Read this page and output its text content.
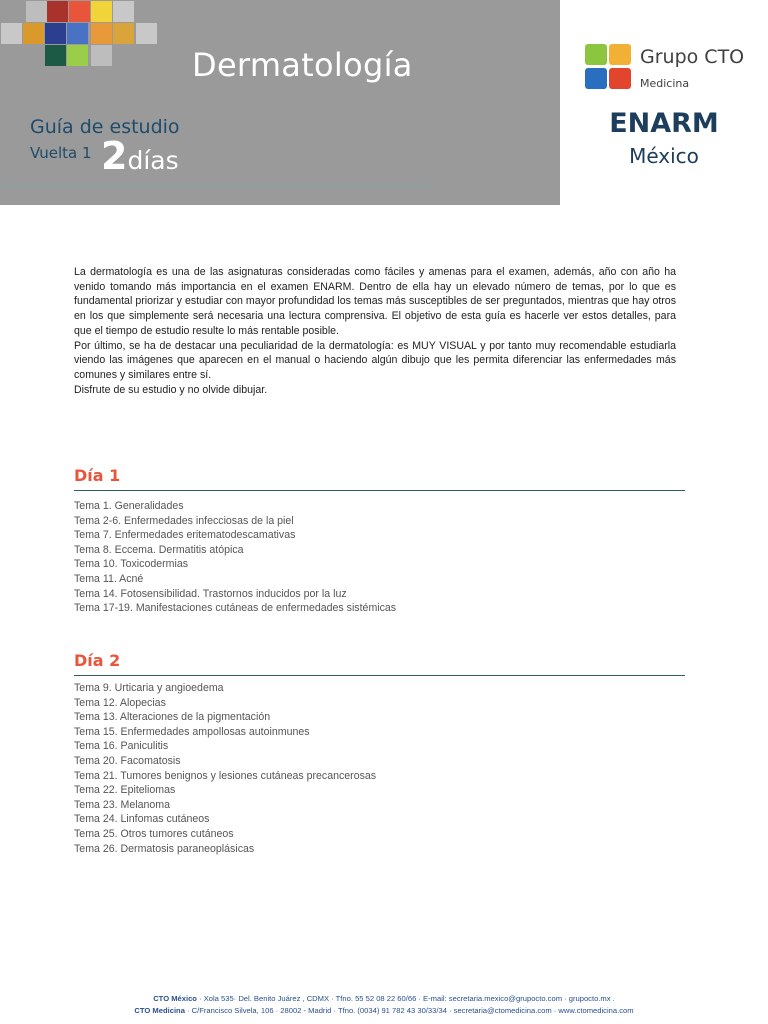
Dermatología
Guía de estudio
Vuelta 1 2días
Grupo CTO
Medicina
ENARM
México

La dermatología es una de las asignaturas consideradas como fáciles y amenas para el examen, además, año con año ha venido tomando más importancia en el examen ENARM. Dentro de ella hay un elevado número de temas, por lo que es fundamental priorizar y estudiar con mayor profundidad los temas más susceptibles de ser preguntados, mientras que hay otros en los que simplemente será necesaria una lectura comprensiva. El objetivo de esta guía es hacerle ver estos detalles, para que el tiempo de estudio resulte lo más rentable posible.

Por último, se ha de destacar una peculiaridad de la dermatología: es MUY VISUAL y por tanto muy recomendable estudiarla viendo las imágenes que aparecen en el manual o haciendo algún dibujo que les permita diferenciar las enfermedades más comunes y similares entre sí.

Disfrute de su estudio y no olvide dibujar.

Día 1
Tema 1. Generalidades
Tema 2-6. Enfermedades infecciosas de la piel
Tema 7. Enfermedades eritematodescamativas
Tema 8. Eccema. Dermatitis atópica
Tema 10. Toxicodermias
Tema 11. Acné
Tema 14. Fotosensibilidad. Trastornos inducidos por la luz
Tema 17-19. Manifestaciones cutáneas de enfermedades sistémicas
Día 2
Tema 9. Urticaria y angioedema
Tema 12. Alopecias
Tema 13. Alteraciones de la pigmentación
Tema 15. Enfermedades ampollosas autoinmunes
Tema 16. Paniculitis
Tema 20. Facomatosis
Tema 21. Tumores benignos y lesiones cutáneas precancerosas
Tema 22. Epiteliomas
Tema 23. Melanoma
Tema 24. Linfomas cutáneos
Tema 25. Otros tumores cutáneos
Tema 26. Dermatosis paraneoplásicas
CTO México · Xola 535· Del. Benito Juárez , CDMX · Tfno. 55 52 08 22 60/66 · E-mail: secretaria.mexico@grupocto.com · grupocto.mx .
CTO Medicina · C/Francisco Silvela, 106 · 28002 - Madrid · Tfno. (0034) 91 782 43 30/33/34 · secretaria@ctomedicina.com · www.ctomedicina.com
